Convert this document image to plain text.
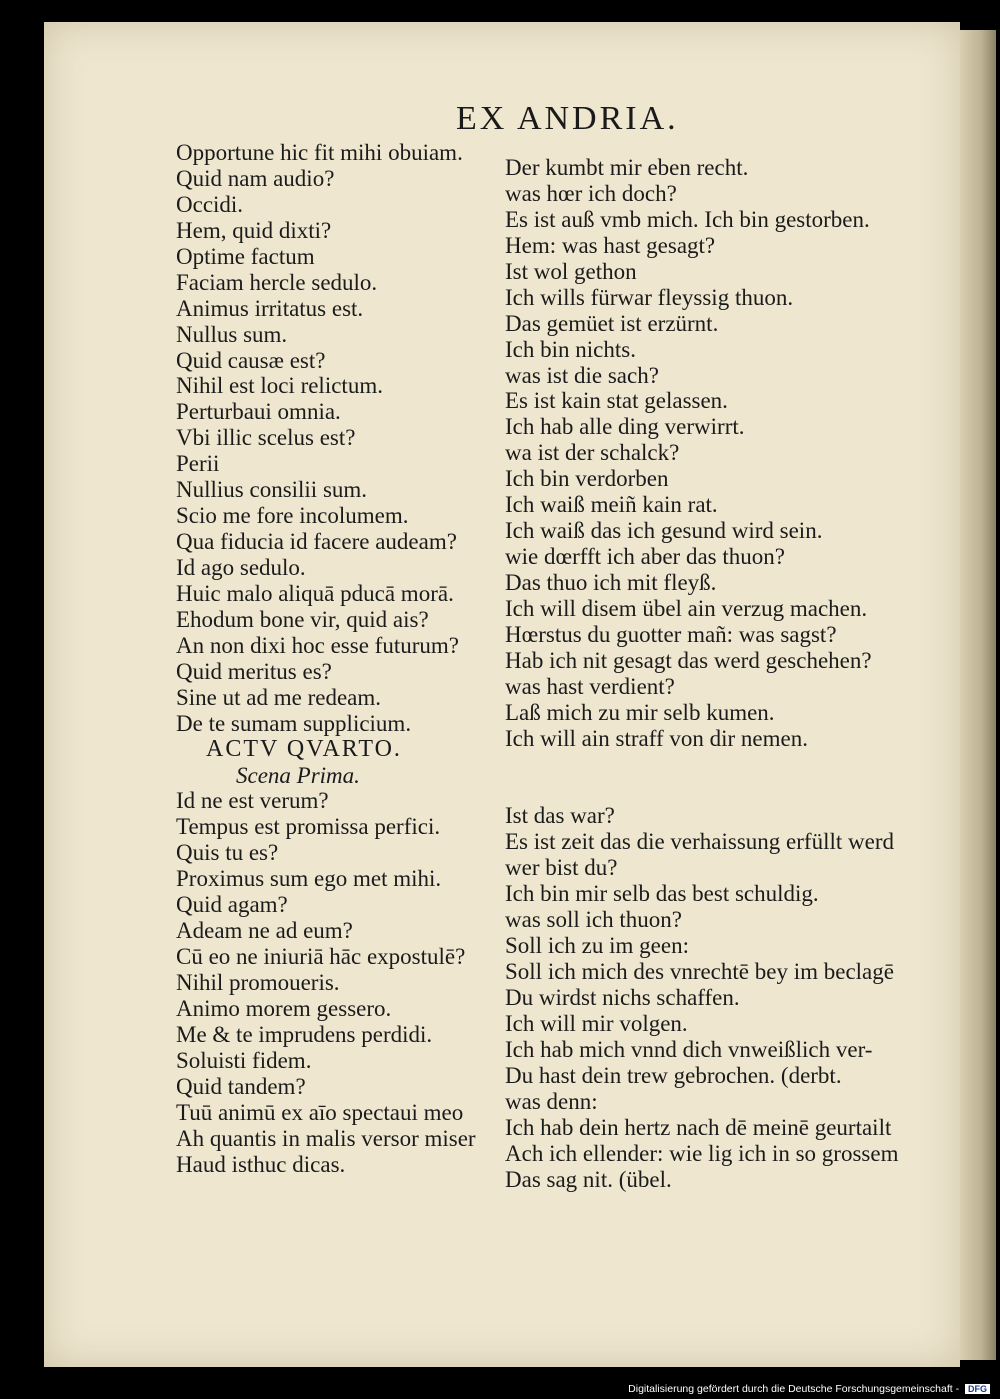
EX ANDRIA.
Opportune hic fit mihi obuiam.
Quid nam audio?
Occidi.
Hem, quid dixti?
Optime factum
Faciam hercle sedulo.
Animus irritatus est.
Nullus sum.
Quid causæ est?
Nihil est loci relictum.
Perturbaui omnia.
Vbi illic scelus est?
Perii
Nullius consilii sum.
Scio me fore incolumem.
Qua fiducia id facere audeam?
Id ago sedulo.
Huic malo aliquā pducā morā.
Ehodum bone vir, quid ais?
An non dixi hoc esse futurum?
Quid meritus es?
Sine ut ad me redeam.
De te sumam supplicium.
ACTV QVARTO.
Scena Prima.
Id ne est verum?
Tempus est promissa perfici.
Quis tu es?
Proximus sum ego met mihi.
Quid agam?
Adeam ne ad eum?
Cū eo ne iniuriā hāc expostulē?
Nihil promoueris.
Animo morem gessero.
Me & te imprudens perdidi.
Soluisti fidem.
Quid tandem?
Tuū animū ex aīo spectaui meo
Ah quantis in malis versor miser
Haud isthuc dicas.
Der kumbt mir eben recht.
was hœr ich doch?
Es ist auß vmb mich. Ich bin gestorben.
Hem: was hast gesagt?
Ist wol gethon
Ich wills fürwar fleyssig thuon.
Das gemüet ist erzürnt.
Ich bin nichts.
was ist die sach?
Es ist kain stat gelassen.
Ich hab alle ding verwirrt.
wa ist der schalck?
Ich bin verdorben
Ich waiß meiñ kain rat.
Ich waiß das ich gesund wird sein.
wie dœrfft ich aber das thuon?
Das thuo ich mit fleyß.
Ich will disem übel ain verzug machen.
Hœrstus du guotter mañ: was sagst?
Hab ich nit gesagt das werd geschehen?
was hast verdient?
Laß mich zu mir selb kumen.
Ich will ain straff von dir nemen.
Ist das war?
Es ist zeit das die verhaissung erfüllt werd
wer bist du?
Ich bin mir selb das best schuldig.
was soll ich thuon?
Soll ich zu im geen:
Soll ich mich des vnrechtē bey im beclagē
Du wirdst nichs schaffen.
Ich will mir volgen.
Ich hab mich vnnd dich vnweißlich ver-
Du hast dein trew gebrochen. (derbt.
was denn:
Ich hab dein hertz nach dē meinē geurtailt
Ach ich ellender: wie lig ich in so grossem
Das sag nit. (übel.
Digitalisierung gefördert durch die Deutsche Forschungsgemeinschaft - DFG
